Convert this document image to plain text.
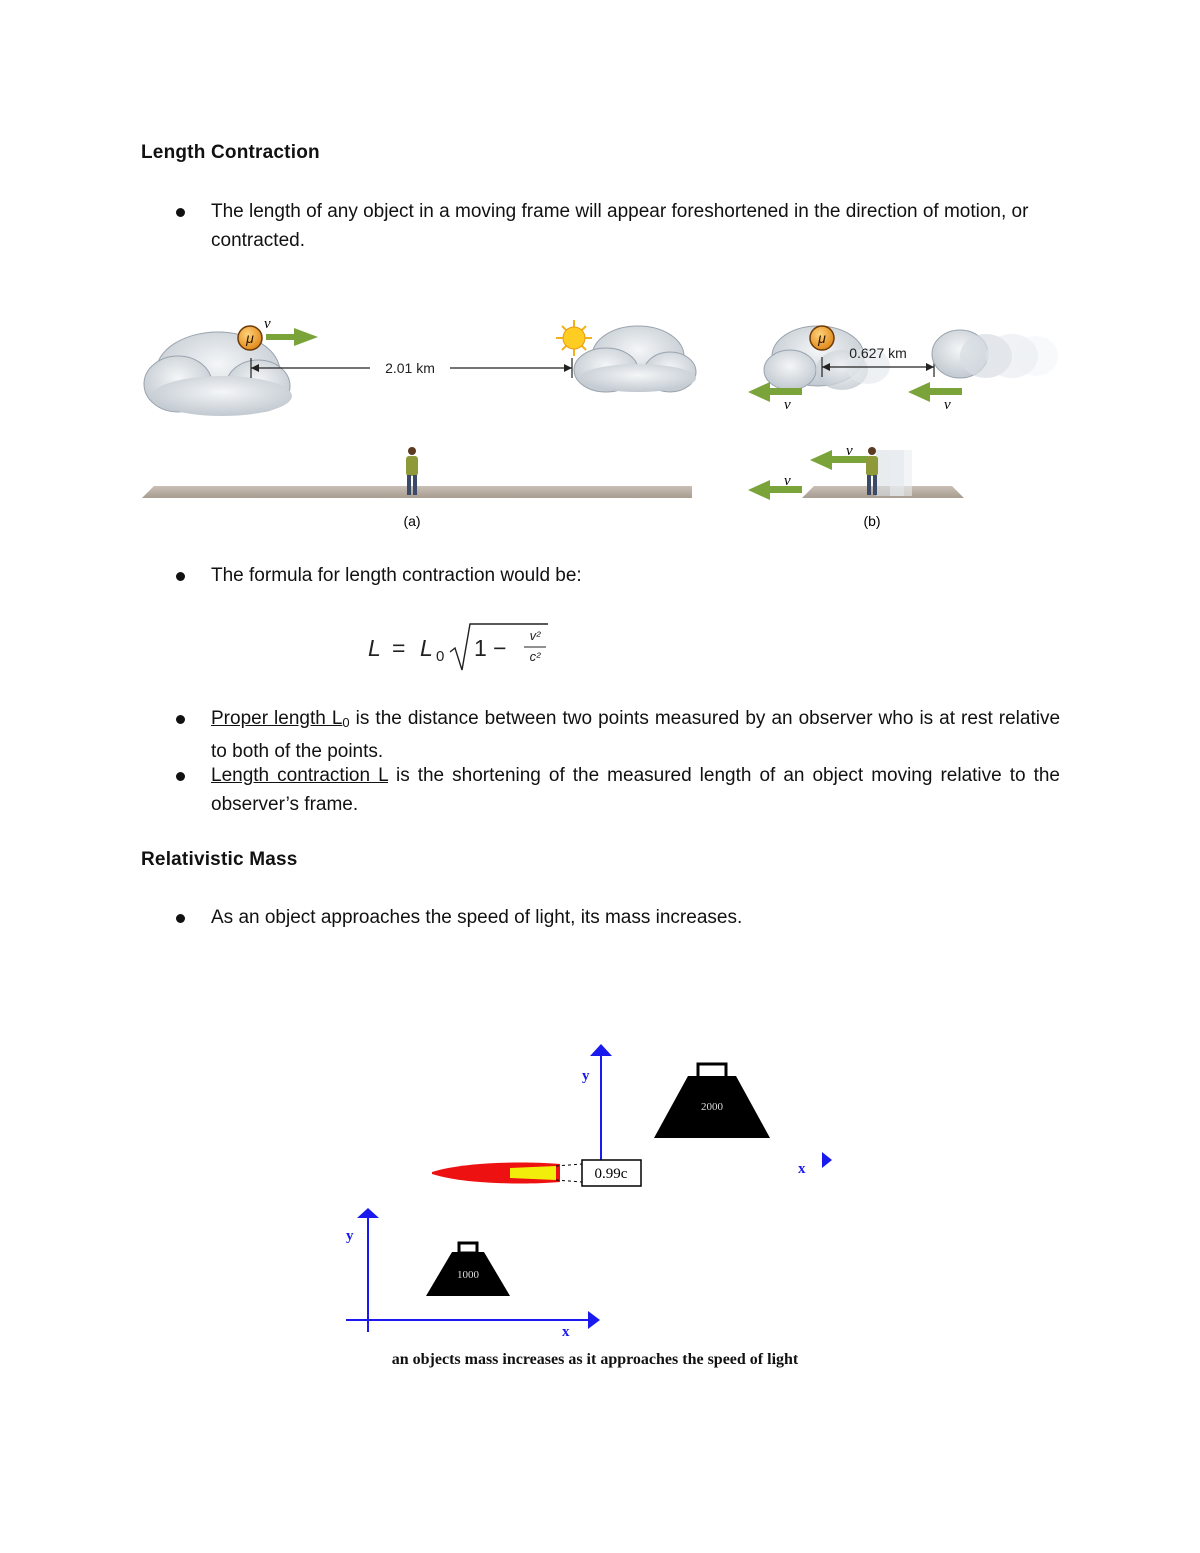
Length Contraction
The length of any object in a moving frame will appear foreshortened in the direction of motion, or contracted.
μ
v
2.01 km
(a)
μ
0.627 km
v	v
v
v
(b)
The formula for length contraction would be:
L = L 0 1 − v²
c²
Proper length $L_0$ is the distance between two points measured by an observer who is at rest relative to both of the points.
Length contraction L is the shortening of the measured length of an object moving relative to the observer’s frame.
Relativistic Mass
As an object approaches the speed of light, its mass increases.
y
x
2000
0.99c
y
x
1000
an objects mass increases as it approaches the speed of light
